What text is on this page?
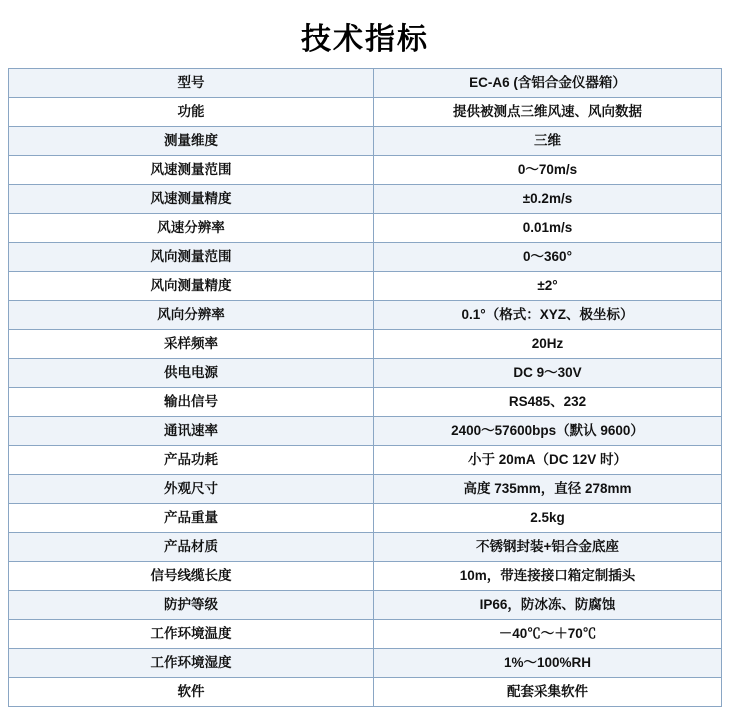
技术指标
型号	EC-A6 (含铝合金仪器箱）
功能	提供被测点三维风速、风向数据
测量维度	三维
风速测量范围	0～70m/s
风速测量精度	±0.2m/s
风速分辨率	0.01m/s
风向测量范围	0～360°
风向测量精度	±2°
风向分辨率	0.1°（格式：XYZ、极坐标）
采样频率	20Hz
供电电源	DC 9～30V
输出信号	RS485、232
通讯速率	2400～57600bps（默认 9600）
产品功耗	小于 20mA（DC 12V 时）
外观尺寸	高度 735mm，直径 278mm
产品重量	2.5kg
产品材质	不锈钢封装+铝合金底座
信号线缆长度	10m，带连接接口箱定制插头
防护等级	IP66，防冰冻、防腐蚀
工作环境温度	－40℃～＋70℃
工作环境湿度	1%～100%RH
软件	配套采集软件
